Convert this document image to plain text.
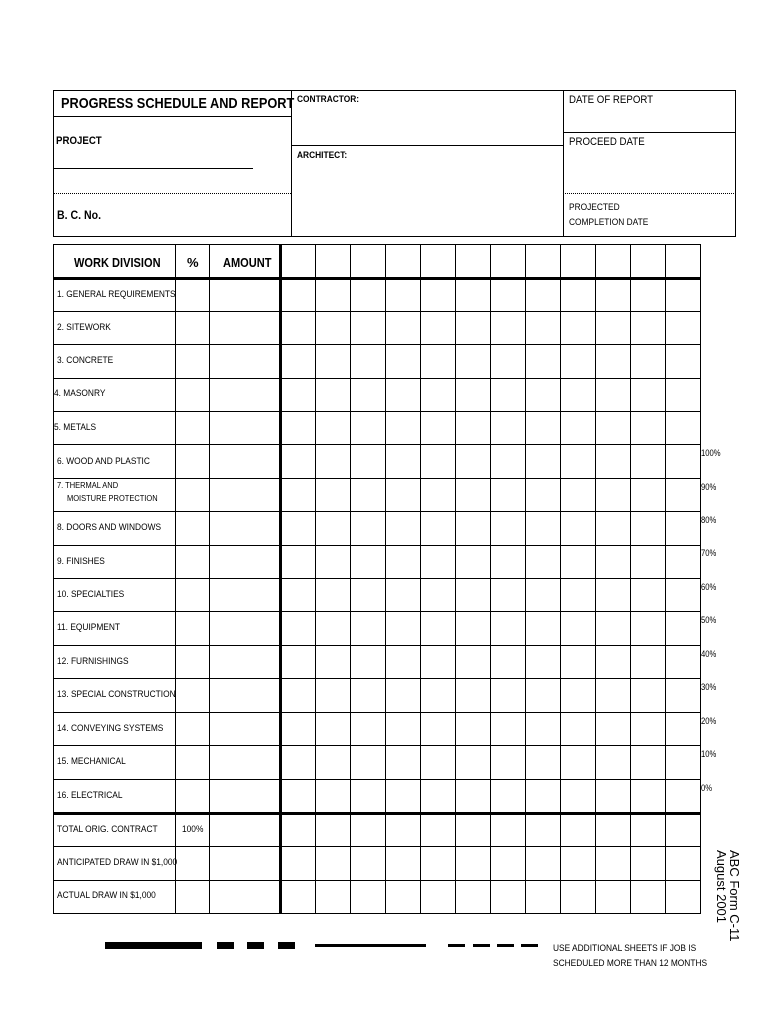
PROGRESS SCHEDULE AND REPORT
PROJECT
B. C. No.
CONTRACTOR:
ARCHITECT:
DATE OF REPORT
PROCEED DATE
PROJECTED
COMPLETION DATE
WORK DIVISION % AMOUNT
1. GENERAL REQUIREMENTS
2. SITEWORK
3. CONCRETE
4. MASONRY
5. METALS
6. WOOD AND PLASTIC
7. THERMAL AND
MOISTURE PROTECTION
8. DOORS AND WINDOWS
9. FINISHES
10. SPECIALTIES
11. EQUIPMENT
12. FURNISHINGS
13. SPECIAL CONSTRUCTION
14. CONVEYING SYSTEMS
15. MECHANICAL
16. ELECTRICAL
TOTAL ORIG. CONTRACT	100%
ANTICIPATED DRAW IN $1,000
ACTUAL DRAW IN $1,000
100%
90%
80%
70%
60%
50%
40%
30%
20%
10%
0%
USE ADDITIONAL SHEETS IF JOB IS
SCHEDULED MORE THAN 12 MONTHS
ABC Form C-11
August 2001
